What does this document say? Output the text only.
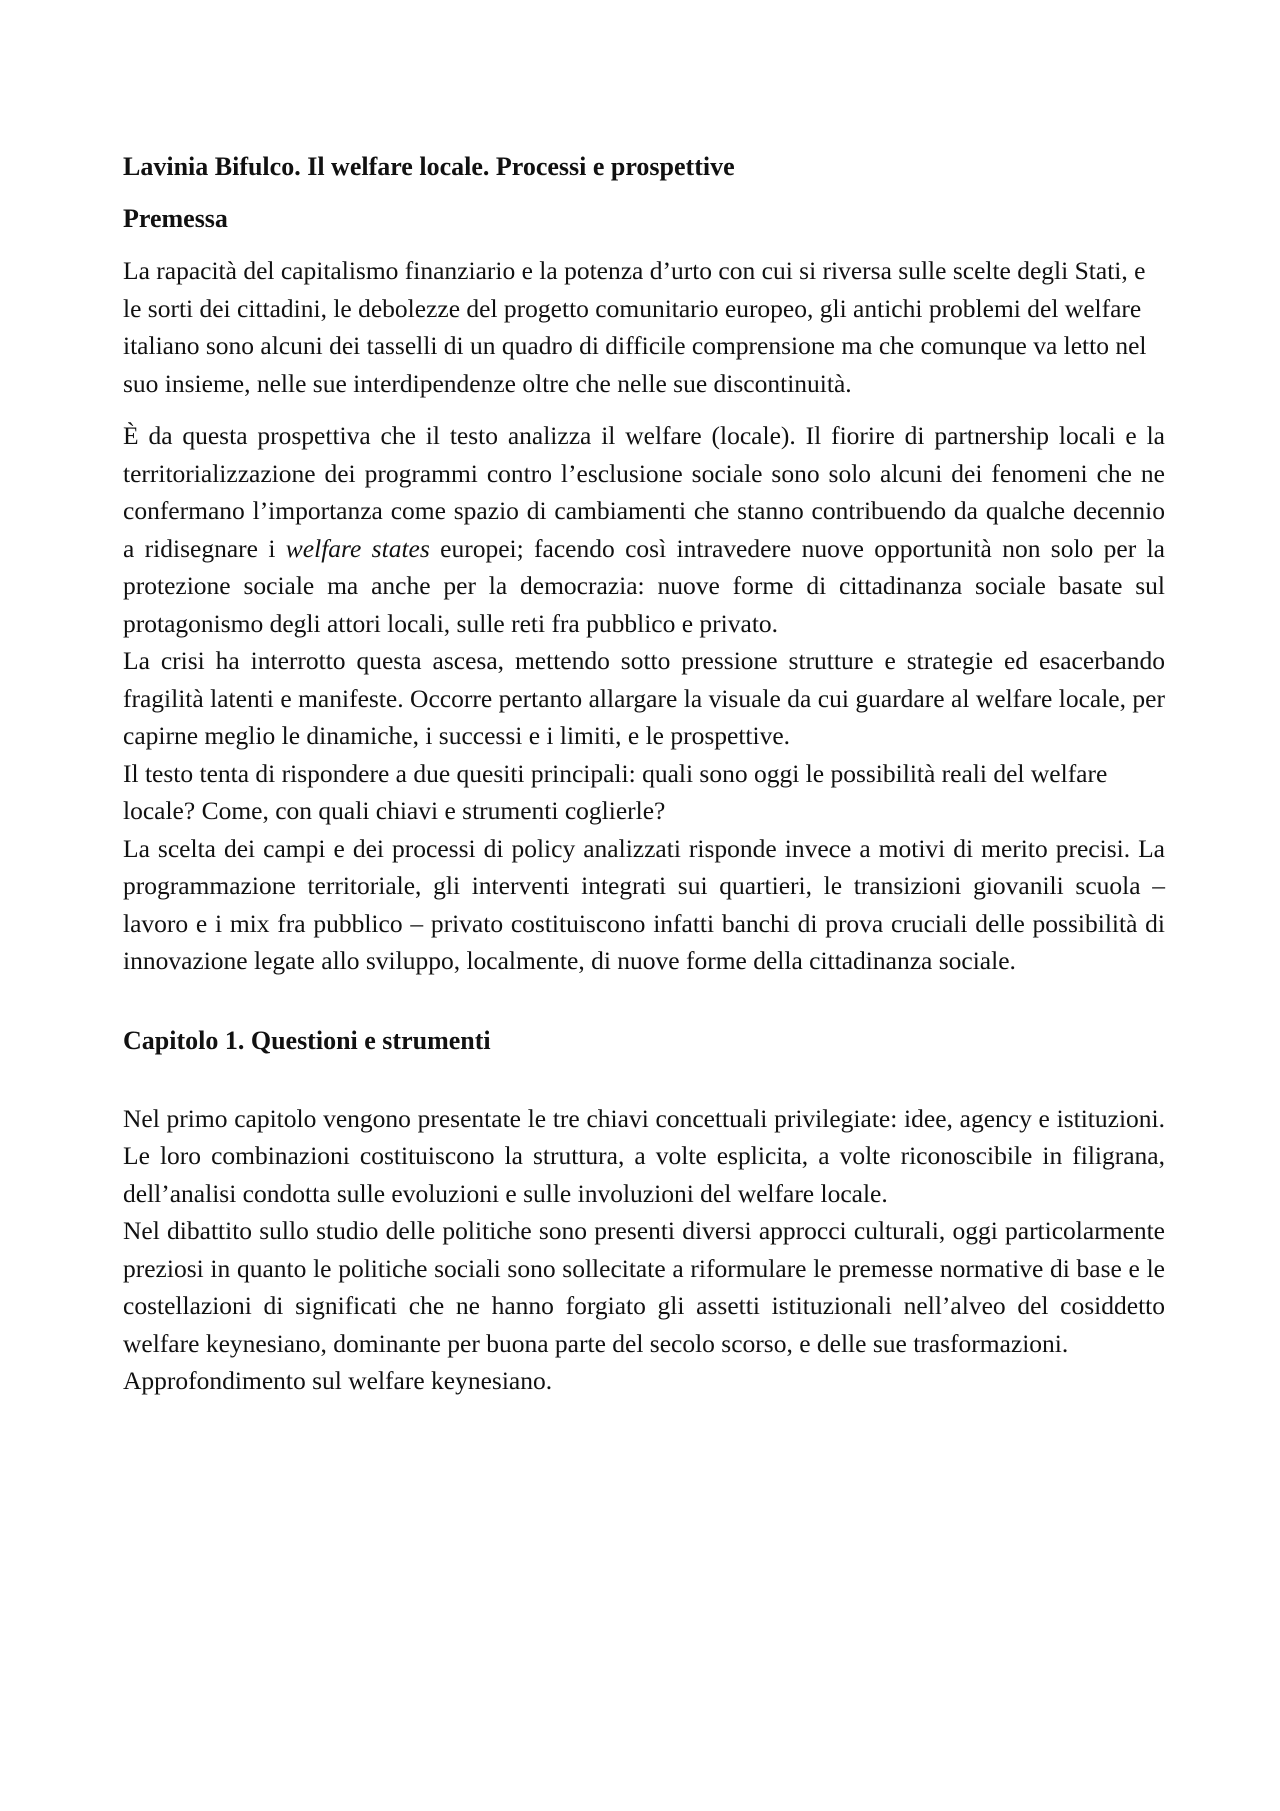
Lavinia Bifulco. Il welfare locale. Processi e prospettive
Premessa

La rapacità del capitalismo finanziario e la potenza d’urto con cui si riversa sulle scelte degli Stati, e le sorti dei cittadini, le debolezze del progetto comunitario europeo, gli antichi problemi del welfare italiano sono alcuni dei tasselli di un quadro di difficile comprensione ma che comunque va letto nel suo insieme, nelle sue interdipendenze oltre che nelle sue discontinuità.

È da questa prospettiva che il testo analizza il welfare (locale). Il fiorire di partnership locali e la territorializzazione dei programmi contro l’esclusione sociale sono solo alcuni dei fenomeni che ne confermano l’importanza come spazio di cambiamenti che stanno contribuendo da qualche decennio a ridisegnare i welfare states europei; facendo così intravedere nuove opportunità non solo per la protezione sociale ma anche per la democrazia: nuove forme di cittadinanza sociale basate sul protagonismo degli attori locali, sulle reti fra pubblico e privato.

La crisi ha interrotto questa ascesa, mettendo sotto pressione strutture e strategie ed esacerbando fragilità latenti e manifeste. Occorre pertanto allargare la visuale da cui guardare al welfare locale, per capirne meglio le dinamiche, i successi e i limiti, e le prospettive.

Il testo tenta di rispondere a due quesiti principali: quali sono oggi le possibilità reali del welfare locale? Come, con quali chiavi e strumenti coglierle?

La scelta dei campi e dei processi di policy analizzati risponde invece a motivi di merito precisi. La programmazione territoriale, gli interventi integrati sui quartieri, le transizioni giovanili scuola – lavoro e i mix fra pubblico – privato costituiscono infatti banchi di prova cruciali delle possibilità di innovazione legate allo sviluppo, localmente, di nuove forme della cittadinanza sociale.

Capitolo 1. Questioni e strumenti

Nel primo capitolo vengono presentate le tre chiavi concettuali privilegiate: idee, agency e istituzioni. Le loro combinazioni costituiscono la struttura, a volte esplicita, a volte riconoscibile in filigrana, dell’analisi condotta sulle evoluzioni e sulle involuzioni del welfare locale.

Nel dibattito sullo studio delle politiche sono presenti diversi approcci culturali, oggi particolarmente preziosi in quanto le politiche sociali sono sollecitate a riformulare le premesse normative di base e le costellazioni di significati che ne hanno forgiato gli assetti istituzionali nell’alveo del cosiddetto welfare keynesiano, dominante per buona parte del secolo scorso, e delle sue trasformazioni.

Approfondimento sul welfare keynesiano.
